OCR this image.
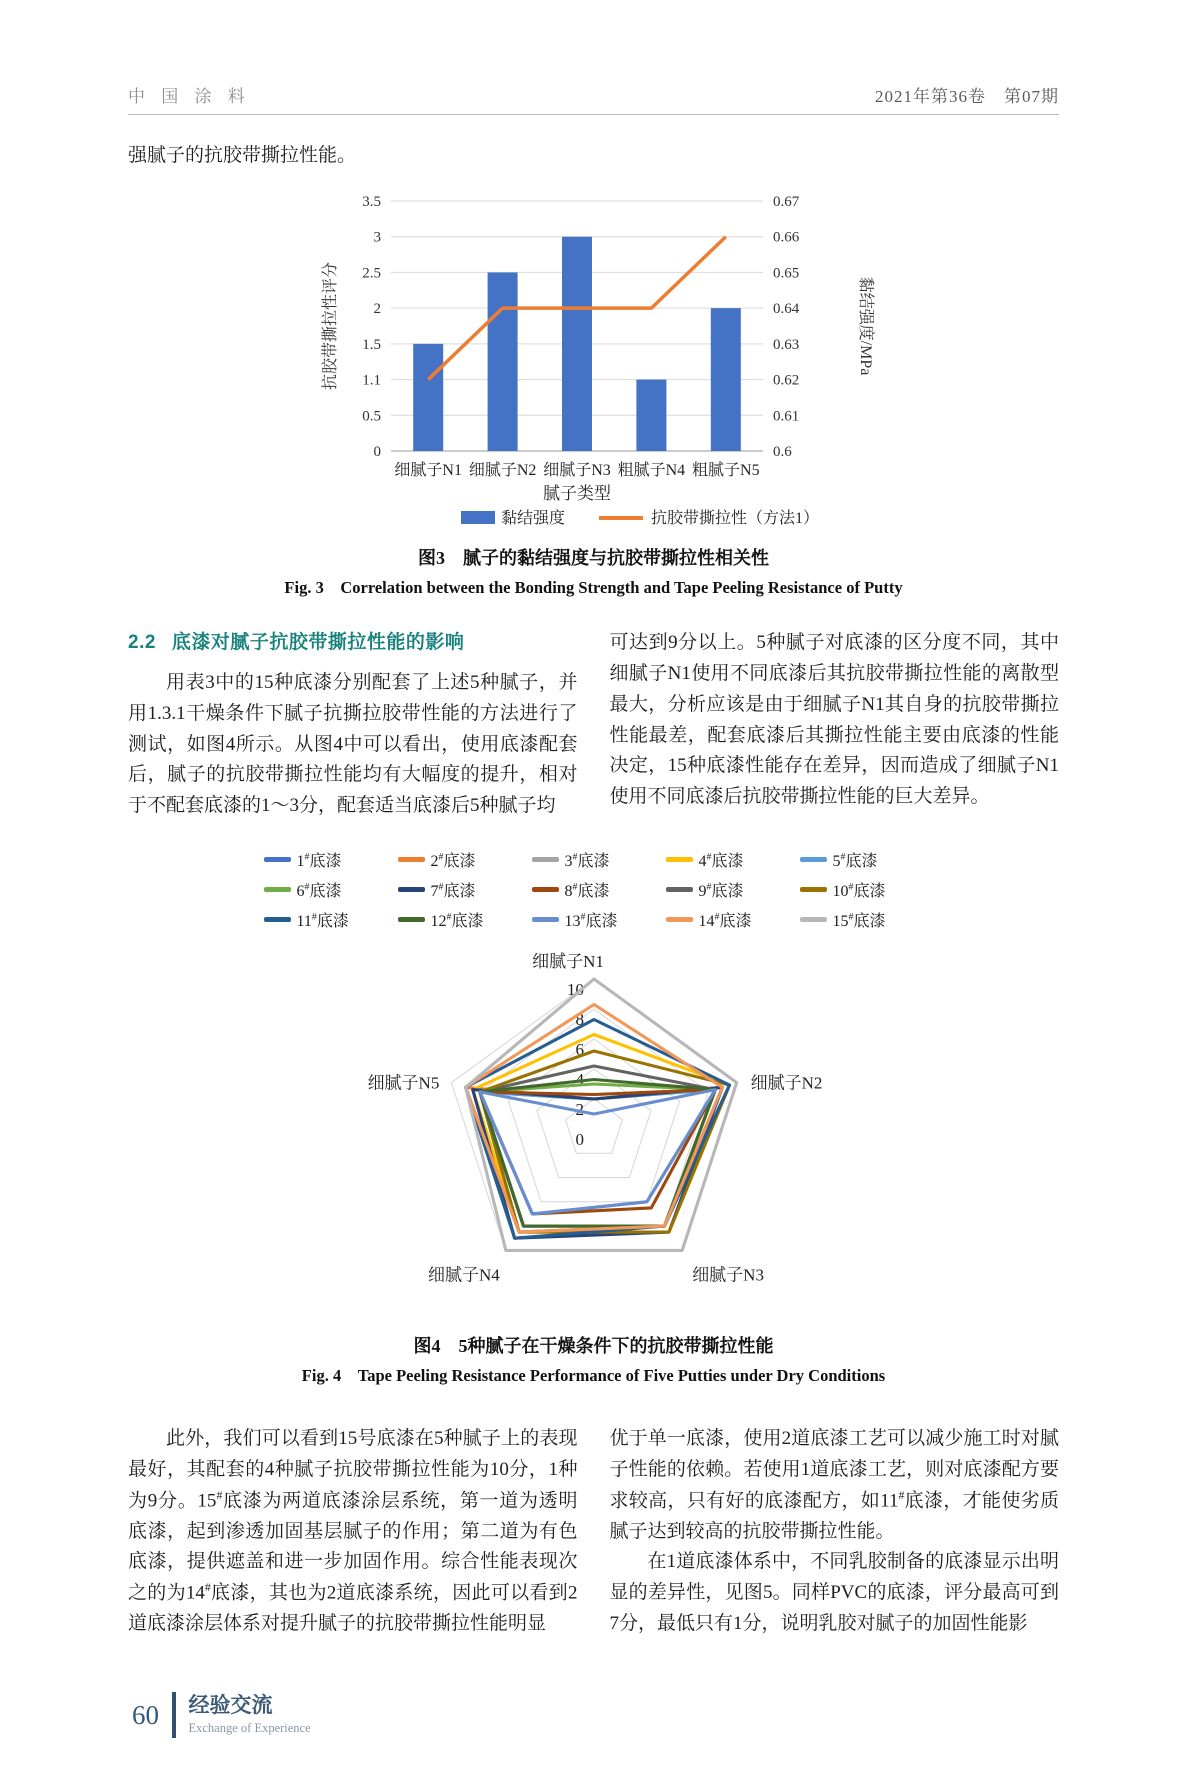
中 国 涂 料	2021年第36卷　第07期

强腻子的抗胶带撕拉性能。

0	0.6
0.5	0.61
1.1	0.62
1.5	0.63
2	0.64
2.5	0.65
3	0.66
3.5	0.67
抗胶带撕拉性评分	黏结强度/MPa
细腻子N1 细腻子N2 细腻子N3 粗腻子N4 粗腻子N5
腻子类型
黏结强度	抗胶带撕拉性（方法1）
图3　腻子的黏结强度与抗胶带撕拉性相关性
Fig. 3　Correlation between the Bonding Strength and Tape Peeling Resistance of Putty
2.2 底漆对腻子抗胶带撕拉性能的影响

用表3中的15种底漆分别配套了上述5种腻子，并用1.3.1干燥条件下腻子抗撕拉胶带性能的方法进行了测试，如图4所示。从图4中可以看出，使用底漆配套后，腻子的抗胶带撕拉性能均有大幅度的提升，相对于不配套底漆的1～3分，配套适当底漆后5种腻子均

可达到9分以上。5种腻子对底漆的区分度不同，其中细腻子N1使用不同底漆后其抗胶带撕拉性能的离散型最大，分析应该是由于细腻子N1其自身的抗胶带撕拉性能最差，配套底漆后其撕拉性能主要由底漆的性能决定，15种底漆性能存在差异，因而造成了细腻子N1使用不同底漆后抗胶带撕拉性能的巨大差异。

1#底漆	2#底漆	3#底漆	4#底漆	5#底漆
6#底漆	7#底漆	8#底漆	9#底漆	10#底漆
11#底漆	12#底漆	13#底漆	14#底漆	15#底漆
0
2
4
6
8
10
细腻子N1
细腻子N2
细腻子N3
细腻子N4
细腻子N5
图4　5种腻子在干燥条件下的抗胶带撕拉性能
Fig. 4　Tape Peeling Resistance Performance of Five Putties under Dry Conditions

此外，我们可以看到15号底漆在5种腻子上的表现最好，其配套的4种腻子抗胶带撕拉性能为10分，1种为9分。15#底漆为两道底漆涂层系统，第一道为透明底漆，起到渗透加固基层腻子的作用；第二道为有色底漆，提供遮盖和进一步加固作用。综合性能表现次之的为14#底漆，其也为2道底漆系统，因此可以看到2道底漆涂层体系对提升腻子的抗胶带撕拉性能明显

优于单一底漆，使用2道底漆工艺可以减少施工时对腻子性能的依赖。若使用1道底漆工艺，则对底漆配方要求较高，只有好的底漆配方，如11#底漆，才能使劣质腻子达到较高的抗胶带撕拉性能。

在1道底漆体系中，不同乳胶制备的底漆显示出明显的差异性，见图5。同样PVC的底漆，评分最高可到7分，最低只有1分，说明乳胶对腻子的加固性能影

60 经验交流
Exchange of Experience
